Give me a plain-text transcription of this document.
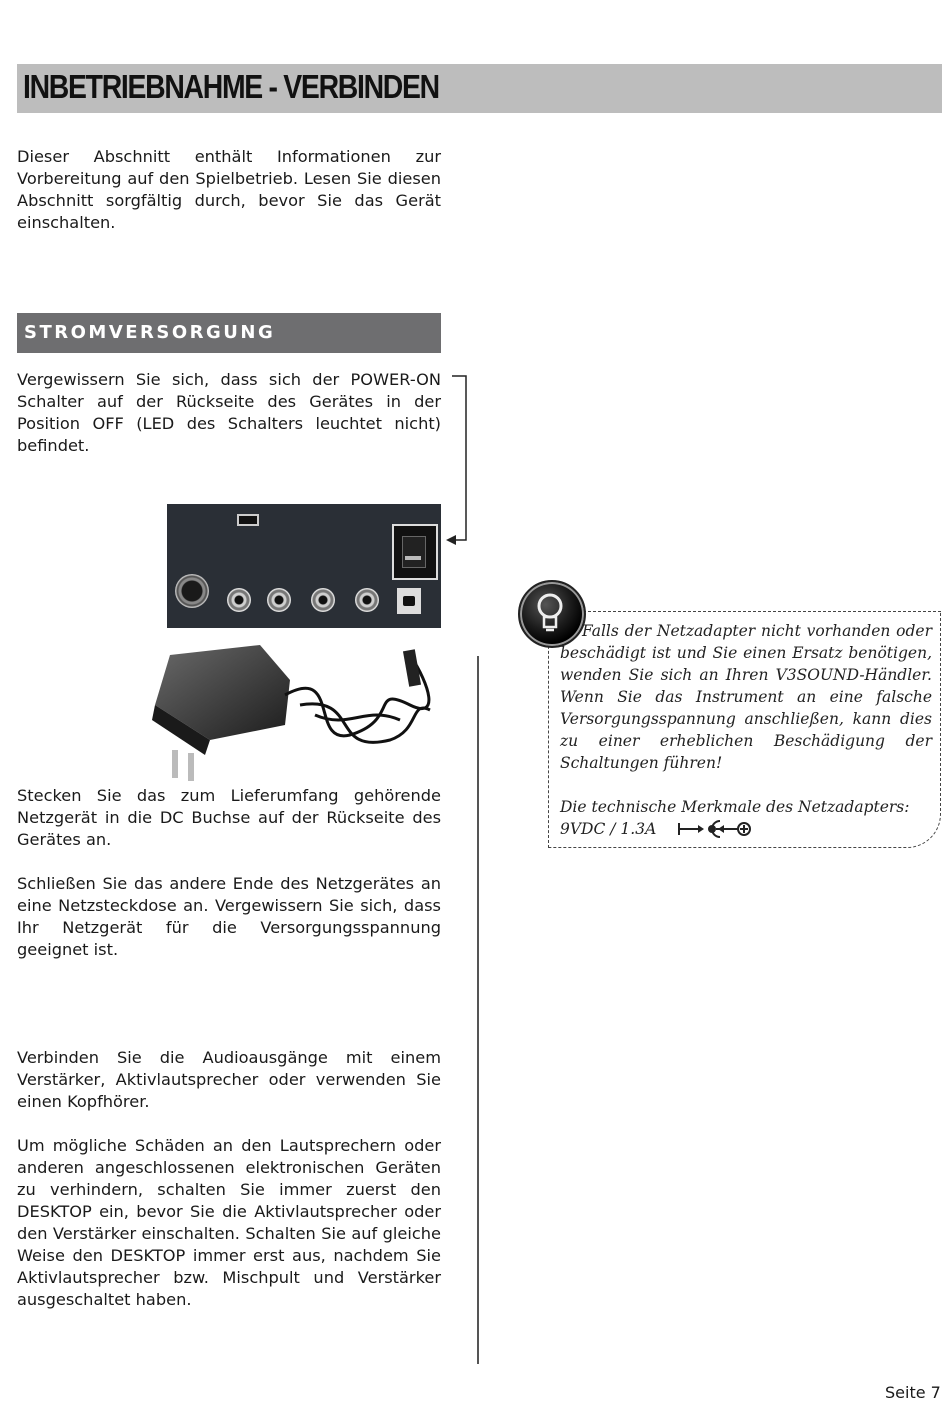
INBETRIEBNAHME - VERBINDEN

Dieser Abschnitt enthält Informationen zur Vorbereitung auf den Spielbetrieb. Lesen Sie diesen Abschnitt sorgfältig durch, bevor Sie das Gerät einschalten.

STROMVERSORGUNG

Vergewissern Sie sich, dass sich der POWER-ON Schalter auf der Rückseite des Gerätes in der Position OFF (LED des Schalters leuchtet nicht) befindet.

Stecken Sie das zum Lieferumfang gehörende Netzgerät in die DC Buchse auf der Rückseite des Gerätes an.

Schließen Sie das andere Ende des Netzgerätes an eine Netzsteckdose an. Vergewissern Sie sich, dass Ihr Netzgerät für die Versorgungsspannung geeignet ist.

Verbinden Sie die Audioausgänge mit einem Verstärker, Aktivlautsprecher oder verwenden Sie einen Kopfhörer.

Um mögliche Schäden an den Lautsprechern oder anderen angeschlossenen elektronischen Geräten zu verhindern, schalten Sie immer zuerst den DESKTOP ein, bevor Sie die Aktivlautsprecher oder den Verstärker einschalten. Schalten Sie auf gleiche Weise den DESKTOP immer erst aus, nachdem Sie Aktivlautsprecher bzw. Mischpult und Verstärker ausgeschaltet haben.

Falls der Netzadapter nicht vorhanden oder beschädigt ist und Sie einen Ersatz benötigen, wenden Sie sich an Ihren V3SOUND-Händler. Wenn Sie das Instrument an eine falsche Versorgungsspannung anschließen, kann dies zu einer erheblichen Beschädigung der Schaltungen führen!

Die technische Merkmale des Netzadapters:

9VDC / 1.3A

Seite 7
